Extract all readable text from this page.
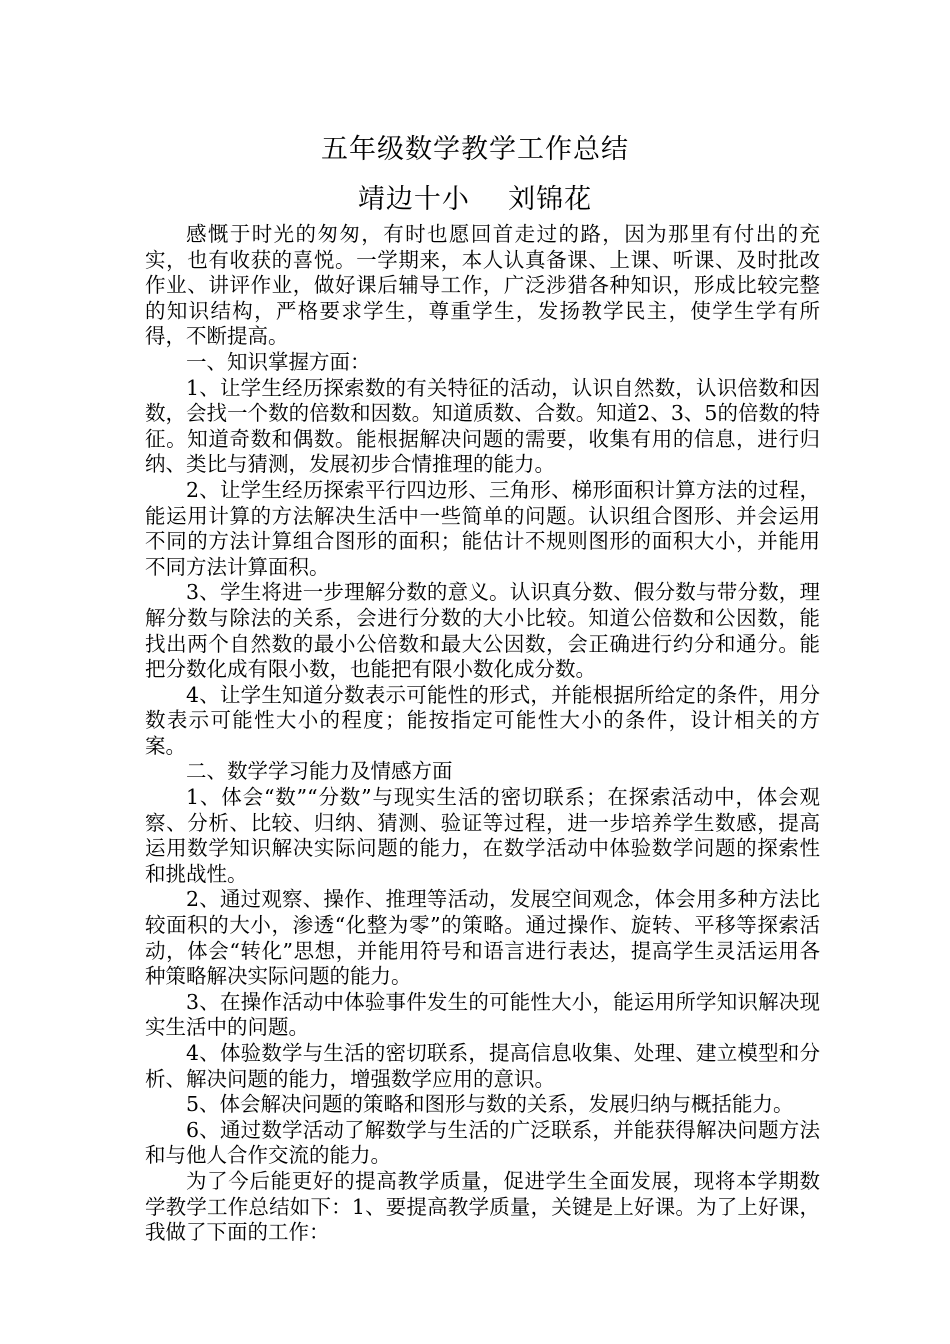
五年级数学教学工作总结
靖边十小    刘锦花

感慨于时光的匆匆，有时也愿回首走过的路，因为那里有付出的充实，也有收获的喜悦。一学期来，本人认真备课、上课、听课、及时批改作业、讲评作业，做好课后辅导工作，广泛涉猎各种知识，形成比较完整的知识结构，严格要求学生，尊重学生，发扬教学民主，使学生学有所得，不断提高。

一、知识掌握方面：

1、让学生经历探索数的有关特征的活动，认识自然数，认识倍数和因数，会找一个数的倍数和因数。知道质数、合数。知道2、3、5的倍数的特征。知道奇数和偶数。能根据解决问题的需要，收集有用的信息，进行归纳、类比与猜测，发展初步合情推理的能力。

2、让学生经历探索平行四边形、三角形、梯形面积计算方法的过程，能运用计算的方法解决生活中一些简单的问题。认识组合图形、并会运用不同的方法计算组合图形的面积；能估计不规则图形的面积大小，并能用不同方法计算面积。

3、学生将进一步理解分数的意义。认识真分数、假分数与带分数，理解分数与除法的关系，会进行分数的大小比较。知道公倍数和公因数，能找出两个自然数的最小公倍数和最大公因数，会正确进行约分和通分。能把分数化成有限小数，也能把有限小数化成分数。

4、让学生知道分数表示可能性的形式，并能根据所给定的条件，用分数表示可能性大小的程度；能按指定可能性大小的条件，设计相关的方案。

二、数学学习能力及情感方面

1、体会“数”“分数”与现实生活的密切联系；在探索活动中，体会观察、分析、比较、归纳、猜测、验证等过程，进一步培养学生数感，提高运用数学知识解决实际问题的能力，在数学活动中体验数学问题的探索性和挑战性。

2、通过观察、操作、推理等活动，发展空间观念，体会用多种方法比较面积的大小，渗透“化整为零”的策略。通过操作、旋转、平移等探索活动，体会“转化”思想，并能用符号和语言进行表达，提高学生灵活运用各种策略解决实际问题的能力。

3、在操作活动中体验事件发生的可能性大小，能运用所学知识解决现实生活中的问题。

4、体验数学与生活的密切联系，提高信息收集、处理、建立模型和分析、解决问题的能力，增强数学应用的意识。

5、体会解决问题的策略和图形与数的关系，发展归纳与概括能力。

6、通过数学活动了解数学与生活的广泛联系，并能获得解决问题方法和与他人合作交流的能力。

为了今后能更好的提高教学质量，促进学生全面发展，现将本学期数学教学工作总结如下：1、要提高教学质量，关键是上好课。为了上好课，我做了下面的工作：
